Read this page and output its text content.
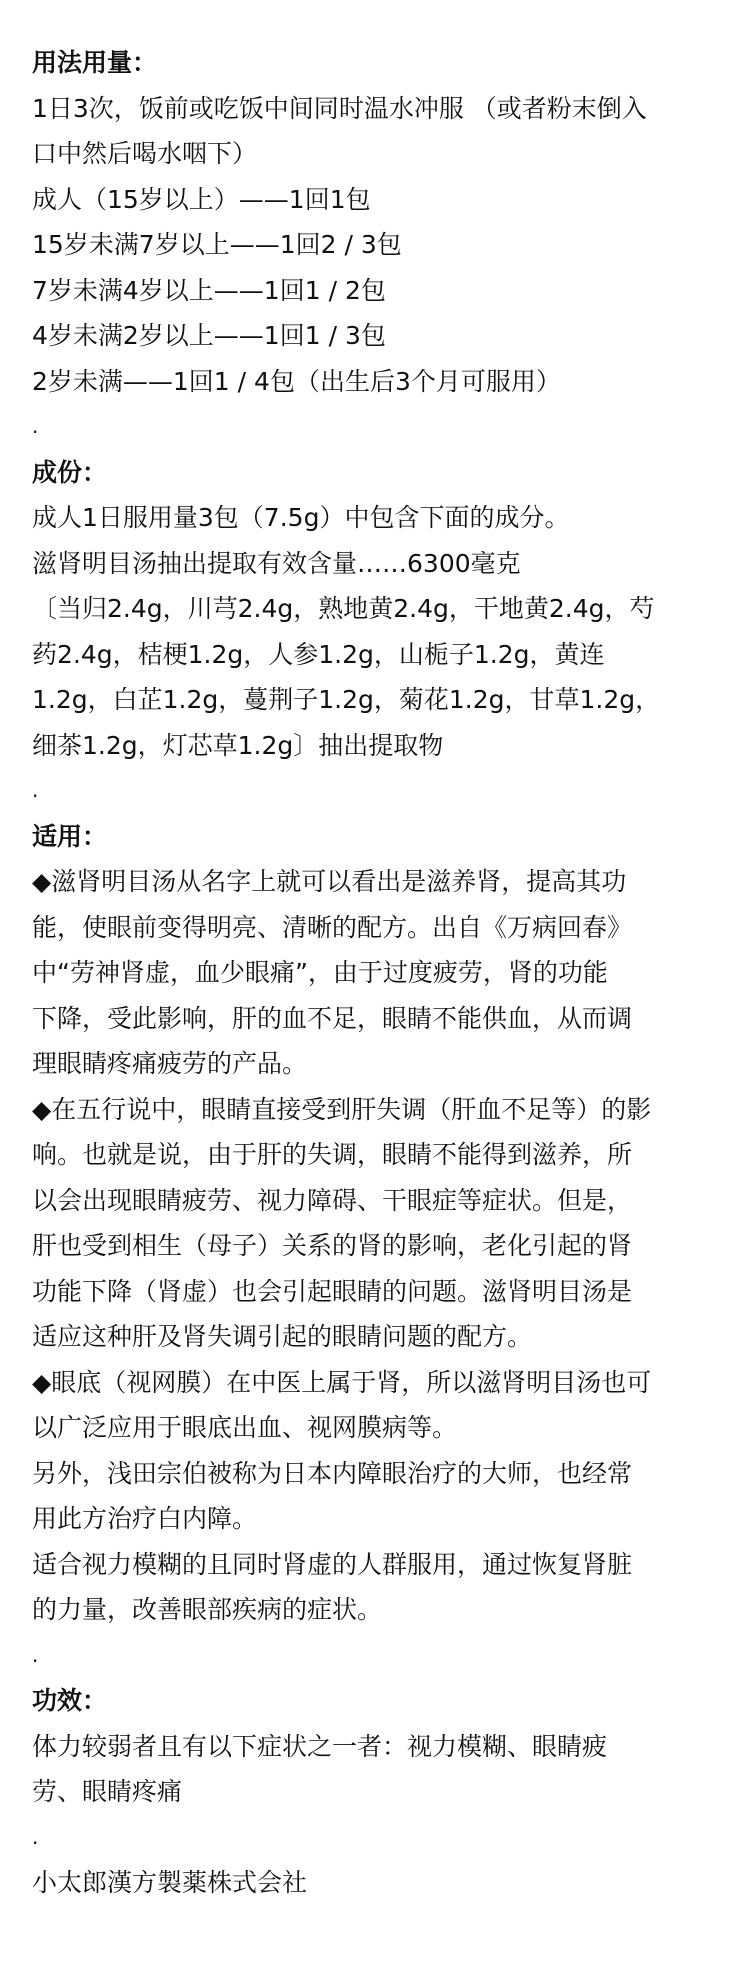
用法用量：
1日3次，饭前或吃饭中间同时温水冲服 （或者粉末倒入
口中然后喝水咽下）
成人（15岁以上）——1回1包
15岁未满7岁以上——1回2 / 3包
7岁未满4岁以上——1回1 / 2包
4岁未满2岁以上——1回1 / 3包
2岁未满——1回1 / 4包（出生后3个月可服用）
.
成份：
成人1日服用量3包（7.5g）中包含下面的成分。
滋肾明目汤抽出提取有效含量……6300毫克
〔当归2.4g，川芎2.4g，熟地黄2.4g，干地黄2.4g，芍
药2.4g，桔梗1.2g，人参1.2g，山栀子1.2g，黄连
1.2g，白芷1.2g，蔓荆子1.2g，菊花1.2g，甘草1.2g，
细茶1.2g，灯芯草1.2g〕抽出提取物
.
适用：
◆滋肾明目汤从名字上就可以看出是滋养肾，提高其功
能，使眼前变得明亮、清晰的配方。出自《万病回春》
中“劳神肾虚，血少眼痛”，由于过度疲劳，肾的功能
下降，受此影响，肝的血不足，眼睛不能供血，从而调
理眼睛疼痛疲劳的产品。
◆在五行说中，眼睛直接受到肝失调（肝血不足等）的影
响。也就是说，由于肝的失调，眼睛不能得到滋养，所
以会出现眼睛疲劳、视力障碍、干眼症等症状。但是，
肝也受到相生（母子）关系的肾的影响，老化引起的肾
功能下降（肾虚）也会引起眼睛的问题。滋肾明目汤是
适应这种肝及肾失调引起的眼睛问题的配方。
◆眼底（视网膜）在中医上属于肾，所以滋肾明目汤也可
以广泛应用于眼底出血、视网膜病等。
另外，浅田宗伯被称为日本内障眼治疗的大师，也经常
用此方治疗白内障。
适合视力模糊的且同时肾虚的人群服用，通过恢复肾脏
的力量，改善眼部疾病的症状。
.
功效：
体力较弱者且有以下症状之一者：视力模糊、眼睛疲
劳、眼睛疼痛
.
小太郎漢方製薬株式会社
